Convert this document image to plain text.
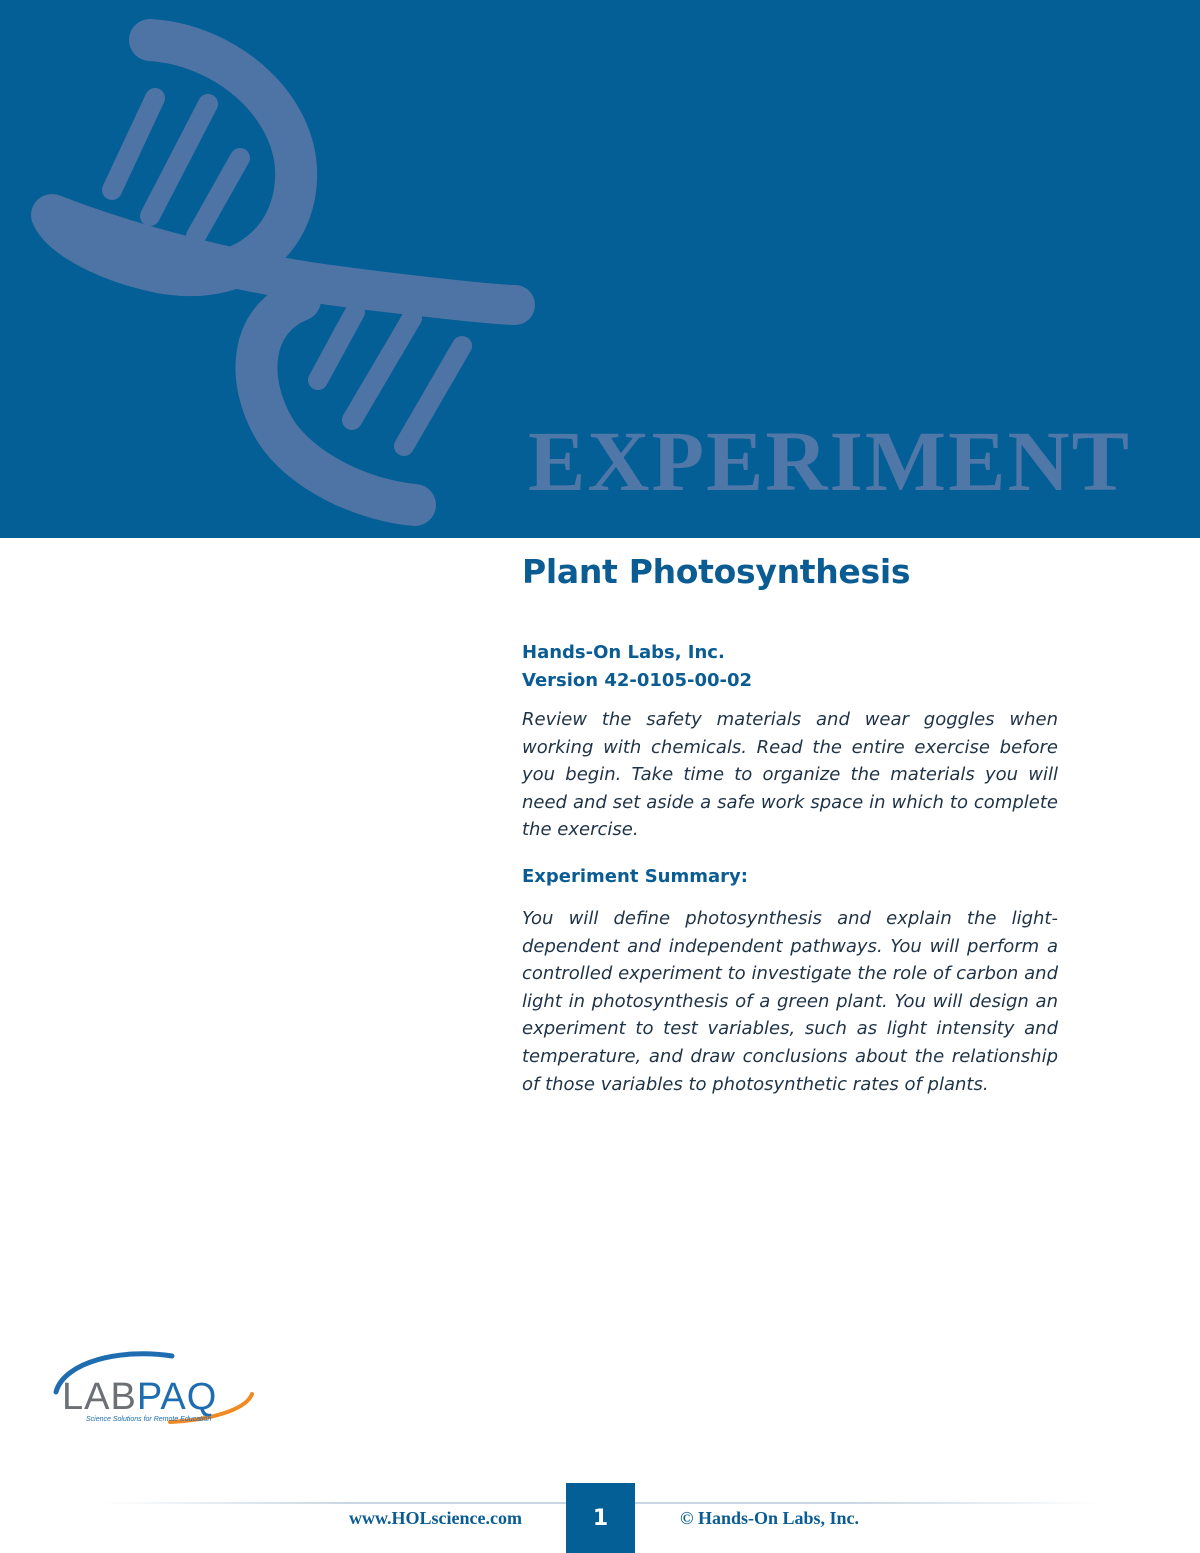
EXPERIMENT
Plant Photosynthesis
Hands-On Labs, Inc.
Version 42-0105-00-02

Review the safety materials and wear goggles when working with chemicals. Read the entire exercise before you begin. Take time to organize the materials you will need and set aside a safe work space in which to complete the exercise.

Experiment Summary:

You will define photosynthesis and explain the light-dependent and independent pathways. You will perform a controlled experiment to investigate the role of carbon and light in photosynthesis of a green plant. You will design an experiment to test variables, such as light intensity and temperature, and draw conclusions about the relationship of those variables to photosynthetic rates of plants.

LABPAQ
Science Solutions for Remote Education
www.HOLscience.com	1	© Hands-On Labs, Inc.
